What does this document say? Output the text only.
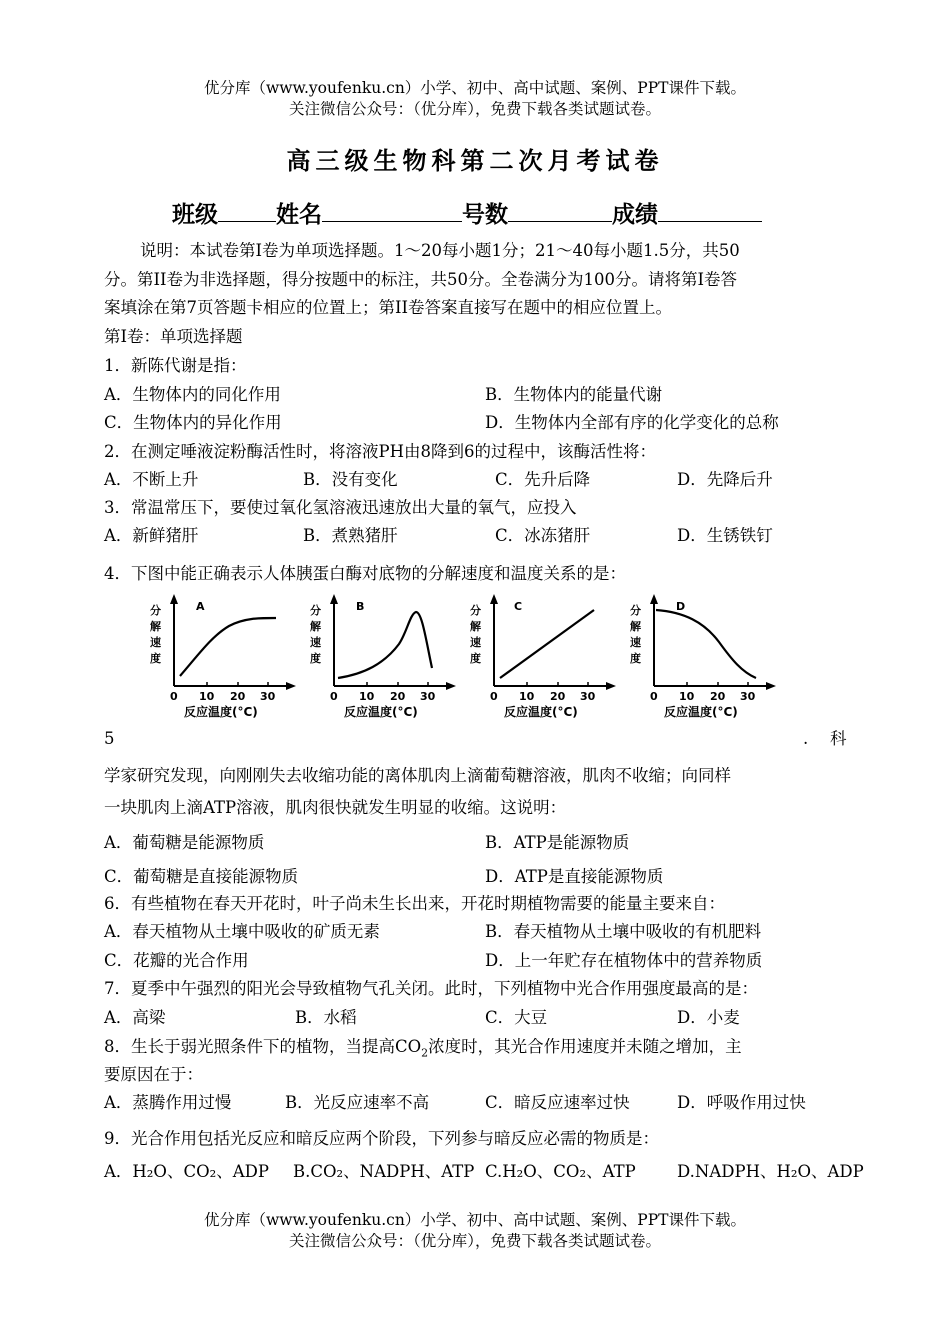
优分库（www.youfenku.cn）小学、初中、高中试题、案例、PPT课件下载。
关注微信公众号：（优分库），免费下载各类试题试卷。
高三级生物科第二次月考试卷
班级	姓名	号数	成绩
说明：本试卷第Ⅰ卷为单项选择题。1～20每小题1分；21～40每小题1.5分，共50
分。第II卷为非选择题，得分按题中的标注，共50分。全卷满分为100分。请将第Ⅰ卷答
案填涂在第7页答题卡相应的位置上；第II卷答案直接写在题中的相应位置上。
第Ⅰ卷：单项选择题
1．新陈代谢是指：
A．生物体内的同化作用	B．生物体内的能量代谢
C．生物体内的异化作用	D．生物体内全部有序的化学变化的总称
2．在测定唾液淀粉酶活性时，将溶液PH由8降到6的过程中，该酶活性将：
A．不断上升	B．没有变化	C．先升后降	D．先降后升
3．常温常压下，要使过氧化氢溶液迅速放出大量的氧气，应投入
A．新鲜猪肝	B．煮熟猪肝	C．冰冻猪肝	D．生锈铁钉
4．下图中能正确表示人体胰蛋白酶对底物的分解速度和温度关系的是：
分
解
速
度
A
0 10 20 30
反应温度(°C)
分
解
速
度
B
0 10 20 30
反应温度(°C)
分
解
速
度
C
0 10 20 30
反应温度(°C)
分
解
速
度
D
0 10 20 30
反应温度(°C)
5	. 科
学家研究发现，向刚刚失去收缩功能的离体肌肉上滴葡萄糖溶液，肌肉不收缩；向同样
一块肌肉上滴ATP溶液，肌肉很快就发生明显的收缩。这说明：
A．葡萄糖是能源物质	B．ATP是能源物质
C．葡萄糖是直接能源物质	D．ATP是直接能源物质
6．有些植物在春天开花时，叶子尚未生长出来，开花时期植物需要的能量主要来自：
A．春天植物从土壤中吸收的矿质无素	B．春天植物从土壤中吸收的有机肥料
C．花瓣的光合作用	D．上一年贮存在植物体中的营养物质
7．夏季中午强烈的阳光会导致植物气孔关闭。此时，下列植物中光合作用强度最高的是：
A．高梁	B．水稻	C．大豆	D．小麦
8．生长于弱光照条件下的植物，当提高$CO_2$浓度时，其光合作用速度并未随之增加，主
要原因在于：
A．蒸腾作用过慢	B．光反应速率不高	C．暗反应速率过快	D．呼吸作用过快
9．光合作用包括光反应和暗反应两个阶段，下列参与暗反应必需的物质是：
A．H₂O、CO₂、ADP B.CO₂、NADPH、ATP C.H₂O、CO₂、ATP	D.NADPH、H₂O、ADP
优分库（www.youfenku.cn）小学、初中、高中试题、案例、PPT课件下载。
关注微信公众号：（优分库），免费下载各类试题试卷。
